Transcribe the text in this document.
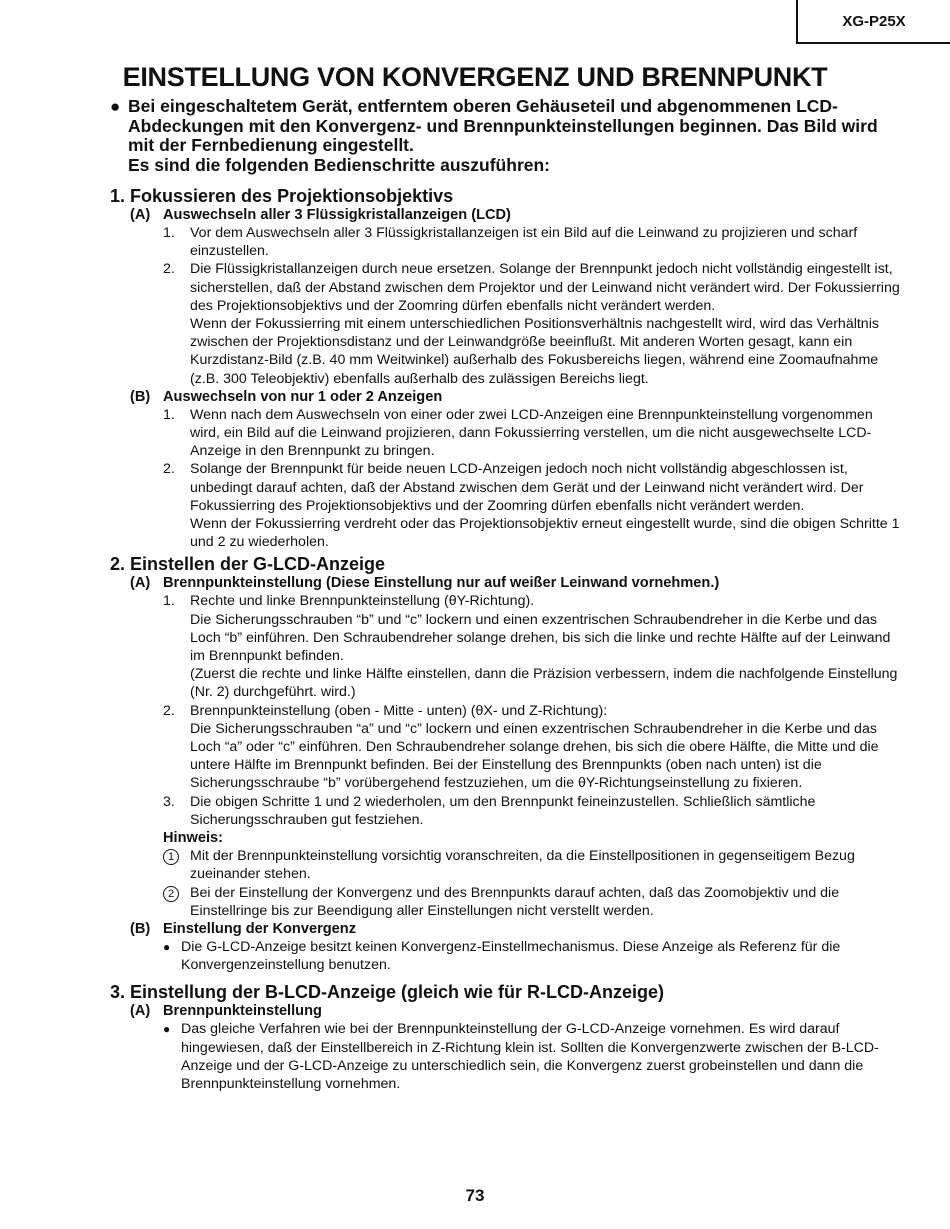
XG-P25X
EINSTELLUNG VON KONVERGENZ UND BRENNPUNKT
● Bei eingeschaltetem Gerät, entferntem oberen Gehäuseteil und abgenommenen LCD-Abdeckungen mit den Konvergenz- und Brennpunkteinstellungen beginnen. Das Bild wird mit der Fernbedienung eingestellt.
Es sind die folgenden Bedienschritte auszuführen:
1. Fokussieren des Projektionsobjektivs
(A) Auswechseln aller 3 Flüssigkristallanzeigen (LCD)
1.	Vor dem Auswechseln aller 3 Flüssigkristallanzeigen ist ein Bild auf die Leinwand zu projizieren und scharf einzustellen.
2.	Die Flüssigkristallanzeigen durch neue ersetzen. Solange der Brennpunkt jedoch nicht vollständig eingestellt ist, sicherstellen, daß der Abstand zwischen dem Projektor und der Leinwand nicht verändert wird. Der Fokussierring des Projektionsobjektivs und der Zoomring dürfen ebenfalls nicht verändert werden.
Wenn der Fokussierring mit einem unterschiedlichen Positionsverhältnis nachgestellt wird, wird das Verhältnis zwischen der Projektionsdistanz und der Leinwandgröße beeinflußt. Mit anderen Worten gesagt, kann ein Kurzdistanz-Bild (z.B. 40 mm Weitwinkel) außerhalb des Fokusbereichs liegen, während eine Zoomaufnahme (z.B. 300 Teleobjektiv) ebenfalls außerhalb des zulässigen Bereichs liegt.
(B) Auswechseln von nur 1 oder 2 Anzeigen
1.	Wenn nach dem Auswechseln von einer oder zwei LCD-Anzeigen eine Brennpunkteinstellung vorgenommen wird, ein Bild auf die Leinwand projizieren, dann Fokussierring verstellen, um die nicht ausgewechselte LCD-Anzeige in den Brennpunkt zu bringen.
2.	Solange der Brennpunkt für beide neuen LCD-Anzeigen jedoch noch nicht vollständig abgeschlossen ist, unbedingt darauf achten, daß der Abstand zwischen dem Gerät und der Leinwand nicht verändert wird. Der Fokussierring des Projektionsobjektivs und der Zoomring dürfen ebenfalls nicht verändert werden.
Wenn der Fokussierring verdreht oder das Projektionsobjektiv erneut eingestellt wurde, sind die obigen Schritte 1 und 2 zu wiederholen.
2. Einstellen der G-LCD-Anzeige
(A) Brennpunkteinstellung (Diese Einstellung nur auf weißer Leinwand vornehmen.)
1.	Rechte und linke Brennpunkteinstellung (θY-Richtung).
Die Sicherungsschrauben “b” und “c” lockern und einen exzentrischen Schraubendreher in die Kerbe und das Loch “b” einführen. Den Schraubendreher solange drehen, bis sich die linke und rechte Hälfte auf der Leinwand im Brennpunkt befinden.
(Zuerst die rechte und linke Hälfte einstellen, dann die Präzision verbessern, indem die nachfolgende Einstellung (Nr. 2) durchgeführt. wird.)
2.	Brennpunkteinstellung (oben - Mitte - unten) (θX- und Z-Richtung):
Die Sicherungsschrauben “a” und “c” lockern und einen exzentrischen Schraubendreher in die Kerbe und das Loch “a” oder “c” einführen. Den Schraubendreher solange drehen, bis sich die obere Hälfte, die Mitte und die untere Hälfte im Brennpunkt befinden. Bei der Einstellung des Brennpunkts (oben nach unten) ist die Sicherungsschraube “b” vorübergehend festzuziehen, um die θY-Richtungseinstellung zu fixieren.
3.	Die obigen Schritte 1 und 2 wiederholen, um den Brennpunkt feineinzustellen. Schließlich sämtliche Sicherungsschrauben gut festziehen.
Hinweis:
1	Mit der Brennpunkteinstellung vorsichtig voranschreiten, da die Einstellpositionen in gegenseitigem Bezug zueinander stehen.
2	Bei der Einstellung der Konvergenz und des Brennpunkts darauf achten, daß das Zoomobjektiv und die Einstellringe bis zur Beendigung aller Einstellungen nicht verstellt werden.
(B) Einstellung der Konvergenz
● Die G-LCD-Anzeige besitzt keinen Konvergenz-Einstellmechanismus. Diese Anzeige als Referenz für die Konvergenzeinstellung benutzen.
3. Einstellung der B-LCD-Anzeige (gleich wie für R-LCD-Anzeige)
(A) Brennpunkteinstellung
● Das gleiche Verfahren wie bei der Brennpunkteinstellung der G-LCD-Anzeige vornehmen. Es wird darauf hingewiesen, daß der Einstellbereich in Z-Richtung klein ist. Sollten die Konvergenzwerte zwischen der B-LCD-Anzeige und der G-LCD-Anzeige zu unterschiedlich sein, die Konvergenz zuerst grobeinstellen und dann die Brennpunkteinstellung vornehmen.
73
